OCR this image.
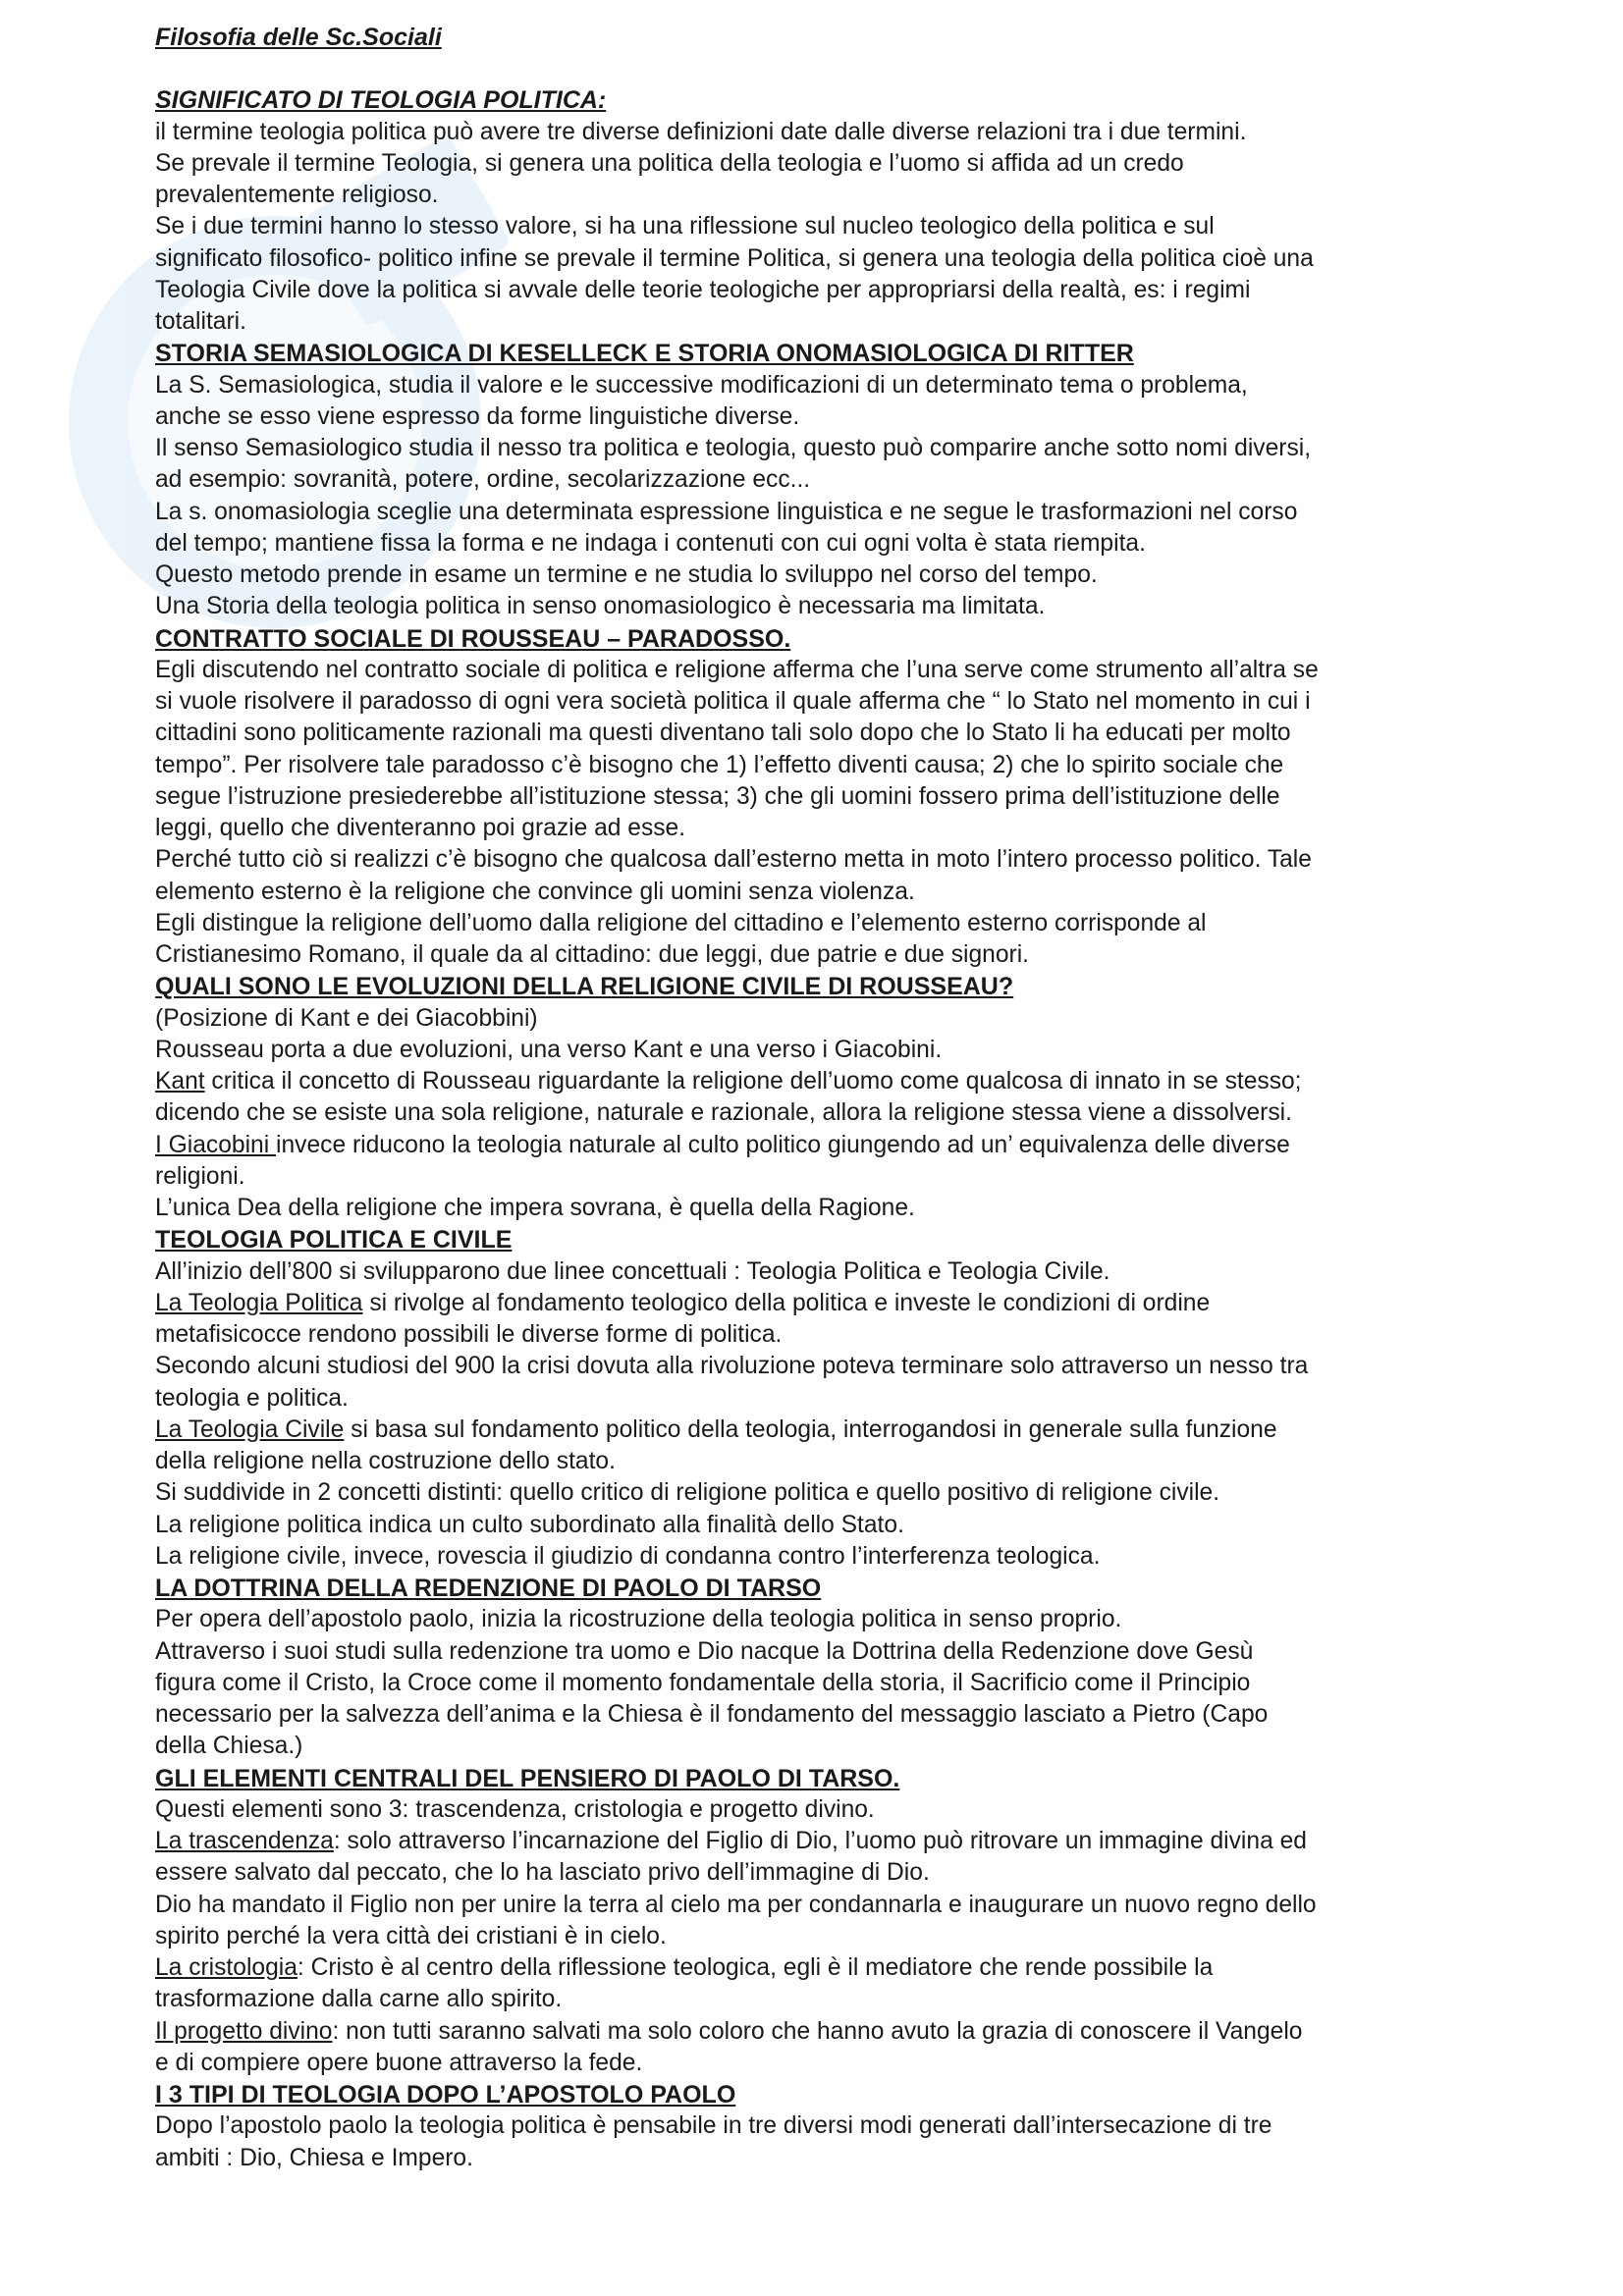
Filosofia delle Sc.Sociali

SIGNIFICATO DI TEOLOGIA POLITICA:

il termine teologia politica può avere tre diverse definizioni date dalle diverse relazioni tra i due termini.

Se prevale il termine Teologia, si genera una politica della teologia e l’uomo si affida ad un credo

prevalentemente religioso.

Se i due termini hanno lo stesso valore, si ha una riflessione sul nucleo teologico della politica e sul

significato filosofico- politico infine se prevale il termine Politica, si genera una teologia della politica cioè una

Teologia Civile dove la politica si avvale delle teorie teologiche per appropriarsi della realtà, es: i regimi

totalitari.

STORIA SEMASIOLOGICA DI KESELLECK E STORIA ONOMASIOLOGICA DI RITTER

La S. Semasiologica, studia il valore e le successive modificazioni di un determinato tema o problema,

anche se esso viene espresso da forme linguistiche diverse.

Il senso Semasiologico studia il nesso tra politica e teologia, questo può comparire anche sotto nomi diversi,

ad esempio: sovranità, potere, ordine, secolarizzazione ecc...

La s. onomasiologia sceglie una determinata espressione linguistica e ne segue le trasformazioni nel corso

del tempo; mantiene fissa la forma e ne indaga i contenuti con cui ogni volta è stata riempita.

Questo metodo prende in esame un termine e ne studia lo sviluppo nel corso del tempo.

Una Storia della teologia politica in senso onomasiologico è necessaria ma limitata.

CONTRATTO SOCIALE DI ROUSSEAU – PARADOSSO.

Egli discutendo nel contratto sociale di politica e religione afferma che l’una serve come strumento all’altra se

si vuole risolvere il paradosso di ogni vera società politica il quale afferma che “ lo Stato nel momento in cui i

cittadini sono politicamente razionali ma questi diventano tali solo dopo che lo Stato li ha educati per molto

tempo”. Per risolvere tale paradosso c’è bisogno che 1) l’effetto diventi causa; 2) che lo spirito sociale che

segue l’istruzione presiederebbe all’istituzione stessa; 3) che gli uomini fossero prima dell’istituzione delle

leggi, quello che diventeranno poi grazie ad esse.

Perché tutto ciò si realizzi c’è bisogno che qualcosa dall’esterno metta in moto l’intero processo politico. Tale

elemento esterno è la religione che convince gli uomini senza violenza.

Egli distingue la religione dell’uomo dalla religione del cittadino e l’elemento esterno corrisponde al

Cristianesimo Romano, il quale da al cittadino: due leggi, due patrie e due signori.

QUALI SONO LE EVOLUZIONI DELLA RELIGIONE CIVILE DI ROUSSEAU?

(Posizione di Kant e dei Giacobbini)

Rousseau porta a due evoluzioni, una verso Kant e una verso i Giacobini.

Kant critica il concetto di Rousseau riguardante la religione dell’uomo come qualcosa di innato in se stesso;

dicendo che se esiste una sola religione, naturale e razionale, allora la religione stessa viene a dissolversi.

I Giacobini invece riducono la teologia naturale al culto politico giungendo ad un’ equivalenza delle diverse

religioni.

L’unica Dea della religione che impera sovrana, è quella della Ragione.

TEOLOGIA POLITICA E CIVILE

All’inizio dell’800 si svilupparono due linee concettuali : Teologia Politica e Teologia Civile.

La Teologia Politica si rivolge al fondamento teologico della politica e investe le condizioni di ordine

metafisicocce rendono possibili le diverse forme di politica.

Secondo alcuni studiosi del 900 la crisi dovuta alla rivoluzione poteva terminare solo attraverso un nesso tra

teologia e politica.

La Teologia Civile si basa sul fondamento politico della teologia, interrogandosi in generale sulla funzione

della religione nella costruzione dello stato.

Si suddivide in 2 concetti distinti: quello critico di religione politica e quello positivo di religione civile.

La religione politica indica un culto subordinato alla finalità dello Stato.

La religione civile, invece, rovescia il giudizio di condanna contro l’interferenza teologica.

LA DOTTRINA DELLA REDENZIONE DI PAOLO DI TARSO

Per opera dell’apostolo paolo, inizia la ricostruzione della teologia politica in senso proprio.

Attraverso i suoi studi sulla redenzione tra uomo e Dio nacque la Dottrina della Redenzione dove Gesù

figura come il Cristo, la Croce come il momento fondamentale della storia, il Sacrificio come il Principio

necessario per la salvezza dell’anima e la Chiesa è il fondamento del messaggio lasciato a Pietro (Capo

della Chiesa.)

GLI ELEMENTI CENTRALI DEL PENSIERO DI PAOLO DI TARSO.

Questi elementi sono 3: trascendenza, cristologia e progetto divino.

La trascendenza: solo attraverso l’incarnazione del Figlio di Dio, l’uomo può ritrovare un immagine divina ed

essere salvato dal peccato, che lo ha lasciato privo dell’immagine di Dio.

Dio ha mandato il Figlio non per unire la terra al cielo ma per condannarla e inaugurare un nuovo regno dello

spirito perché la vera città dei cristiani è in cielo.

La cristologia: Cristo è al centro della riflessione teologica, egli è il mediatore che rende possibile la

trasformazione dalla carne allo spirito.

Il progetto divino: non tutti saranno salvati ma solo coloro che hanno avuto la grazia di conoscere il Vangelo

e di compiere opere buone attraverso la fede.

I 3 TIPI DI TEOLOGIA DOPO L’APOSTOLO PAOLO

Dopo l’apostolo paolo la teologia politica è pensabile in tre diversi modi generati dall’intersecazione di tre

ambiti : Dio, Chiesa e Impero.
